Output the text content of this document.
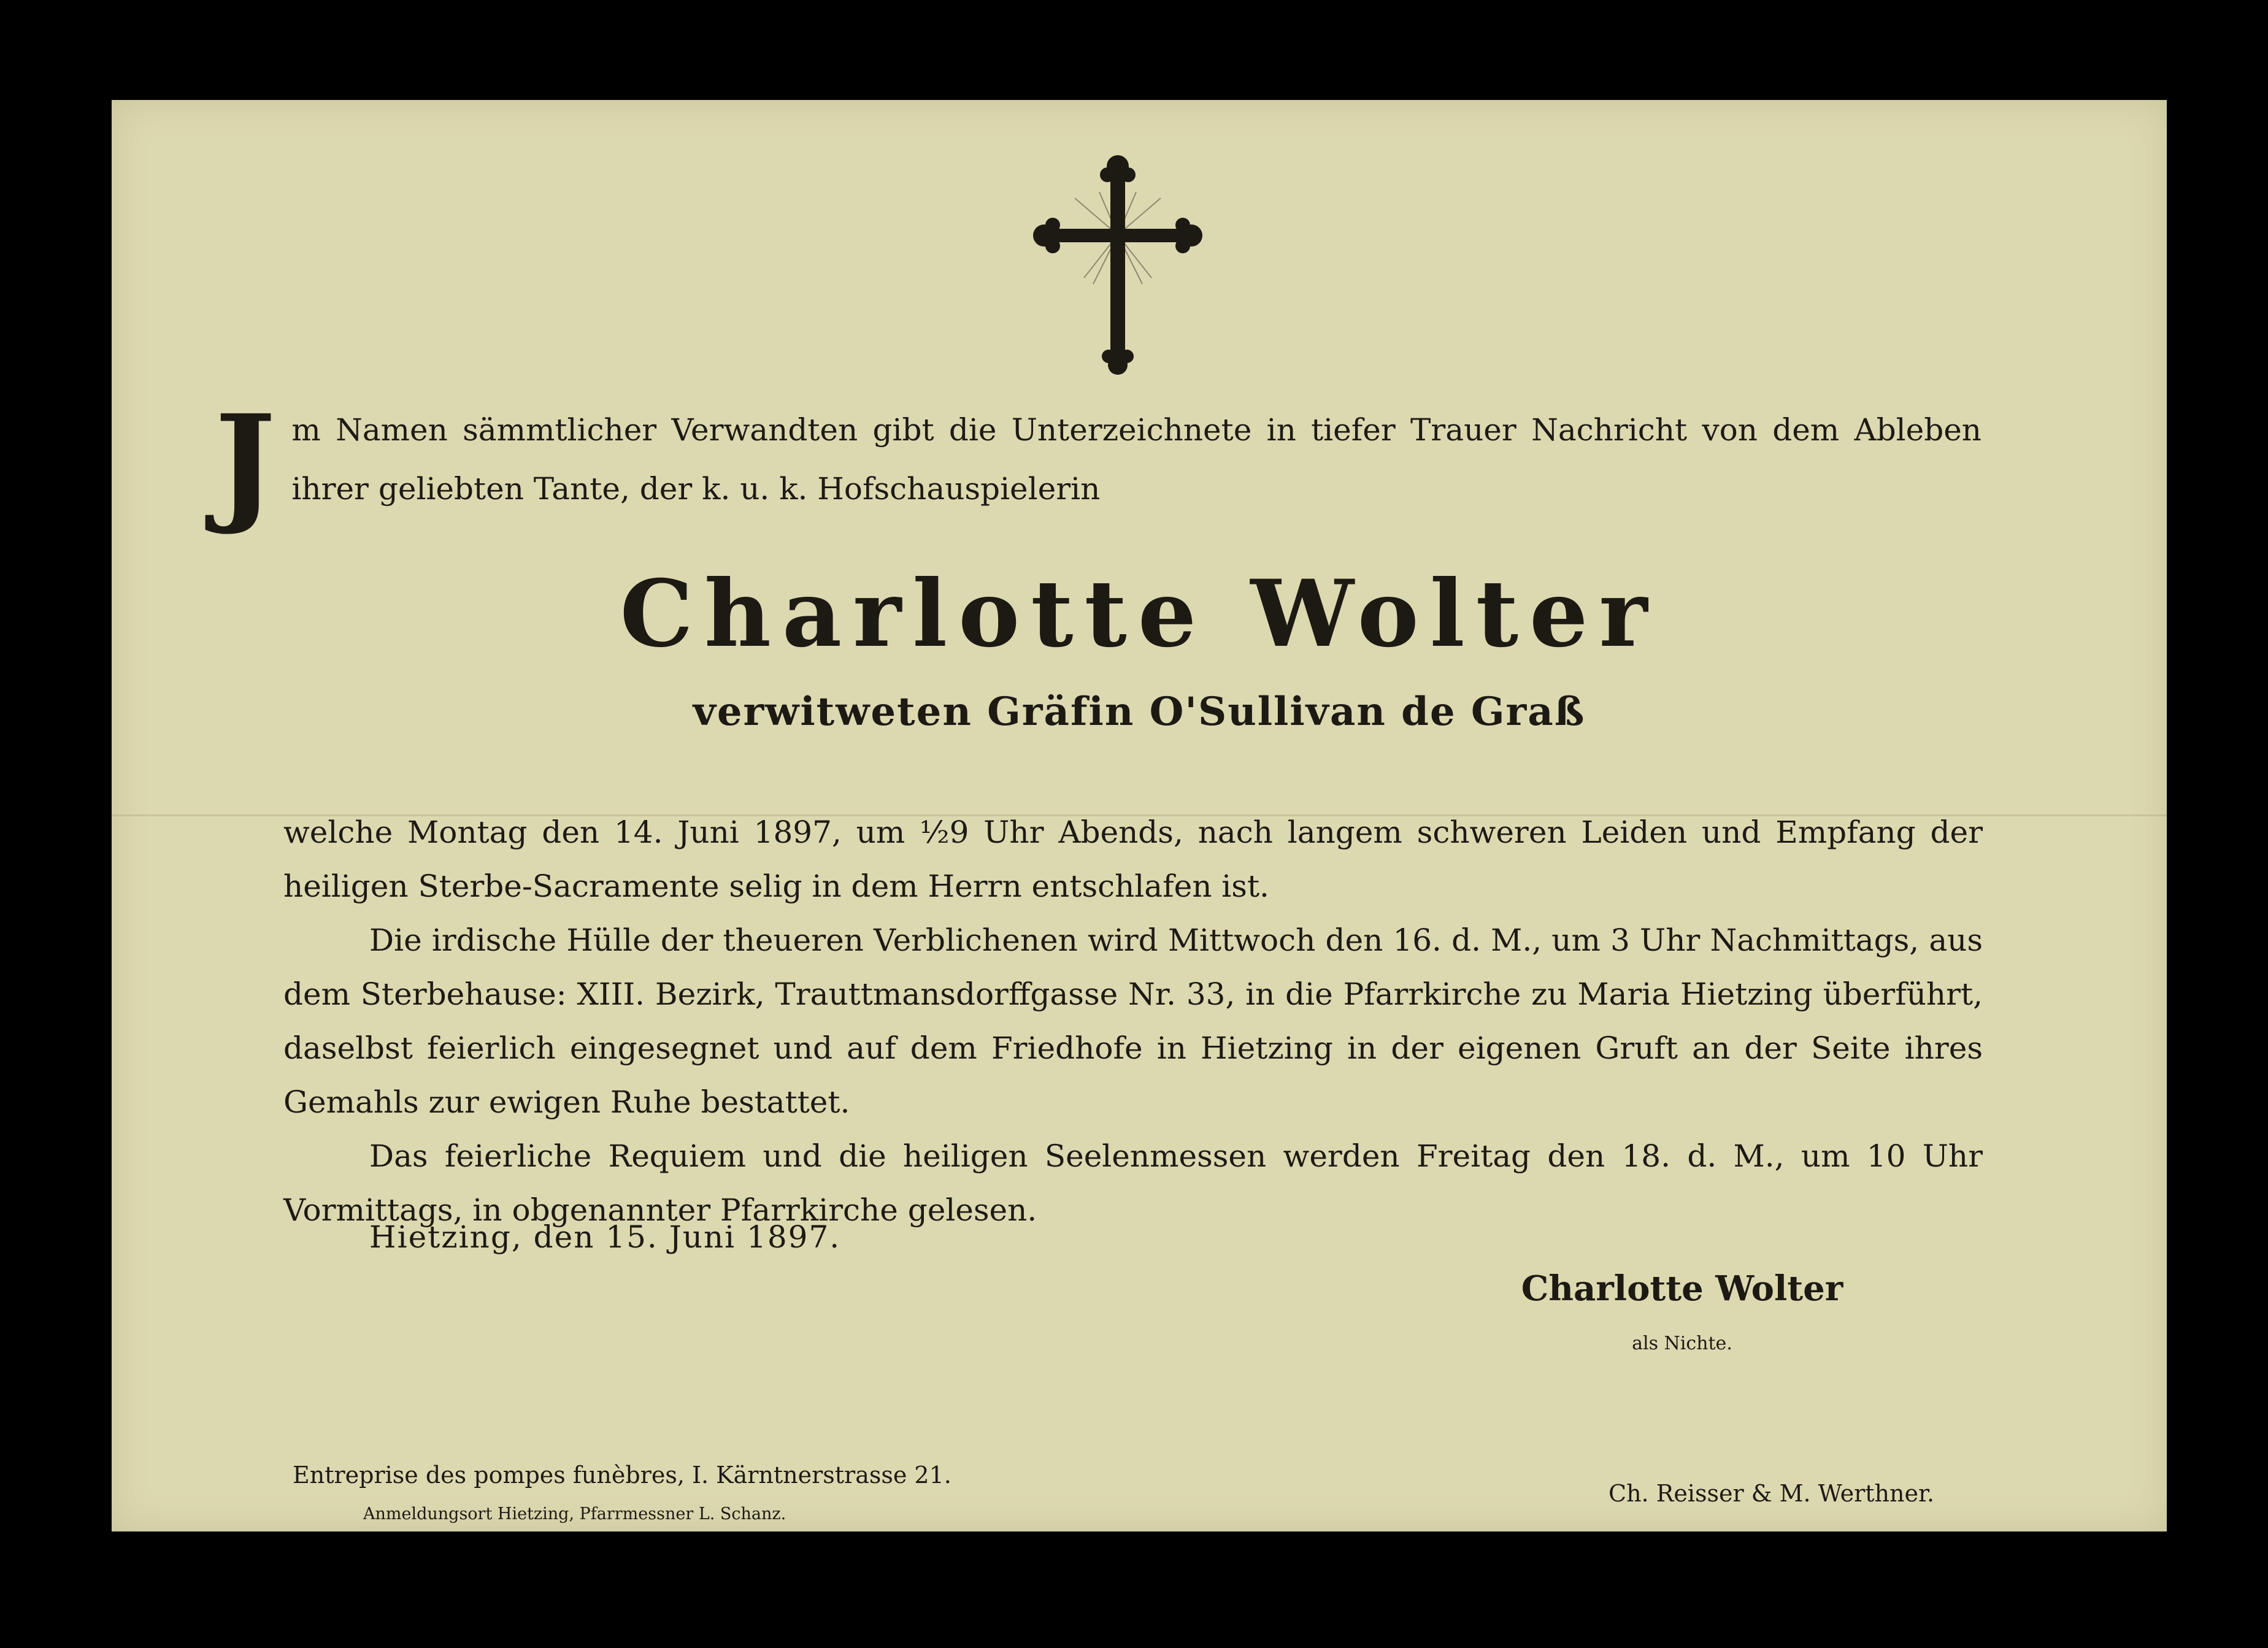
Jm Namen sämmtlicher Verwandten gibt die Unterzeichnete in tiefer Trauer Nachricht von dem Ableben ihrer geliebten Tante, der k. u. k. Hofschauspielerin
Charlotte Wolter
verwitweten Gräfin O'Sullivan de Graß

welche Montag den 14. Juni 1897, um ½9 Uhr Abends, nach langem schweren Leiden und Empfang der heiligen Sterbe-Sacramente selig in dem Herrn entschlafen ist.

Die irdische Hülle der theueren Verblichenen wird Mittwoch den 16. d. M., um 3 Uhr Nachmittags, aus dem Sterbehause: XIII. Bezirk, Trauttmansdorffgasse Nr. 33, in die Pfarrkirche zu Maria Hietzing überführt, daselbst feierlich eingesegnet und auf dem Friedhofe in Hietzing in der eigenen Gruft an der Seite ihres Gemahls zur ewigen Ruhe bestattet.

Das feierliche Requiem und die heiligen Seelenmessen werden Freitag den 18. d. M., um 10 Uhr Vormittags, in obgenannter Pfarrkirche gelesen.

Hietzing, den 15. Juni 1897.
Charlotte Wolter
als Nichte.
Entreprise des pompes funèbres, I. Kärntnerstrasse 21.
Anmeldungsort Hietzing, Pfarrmessner L. Schanz.
Ch. Reisser & M. Werthner.
